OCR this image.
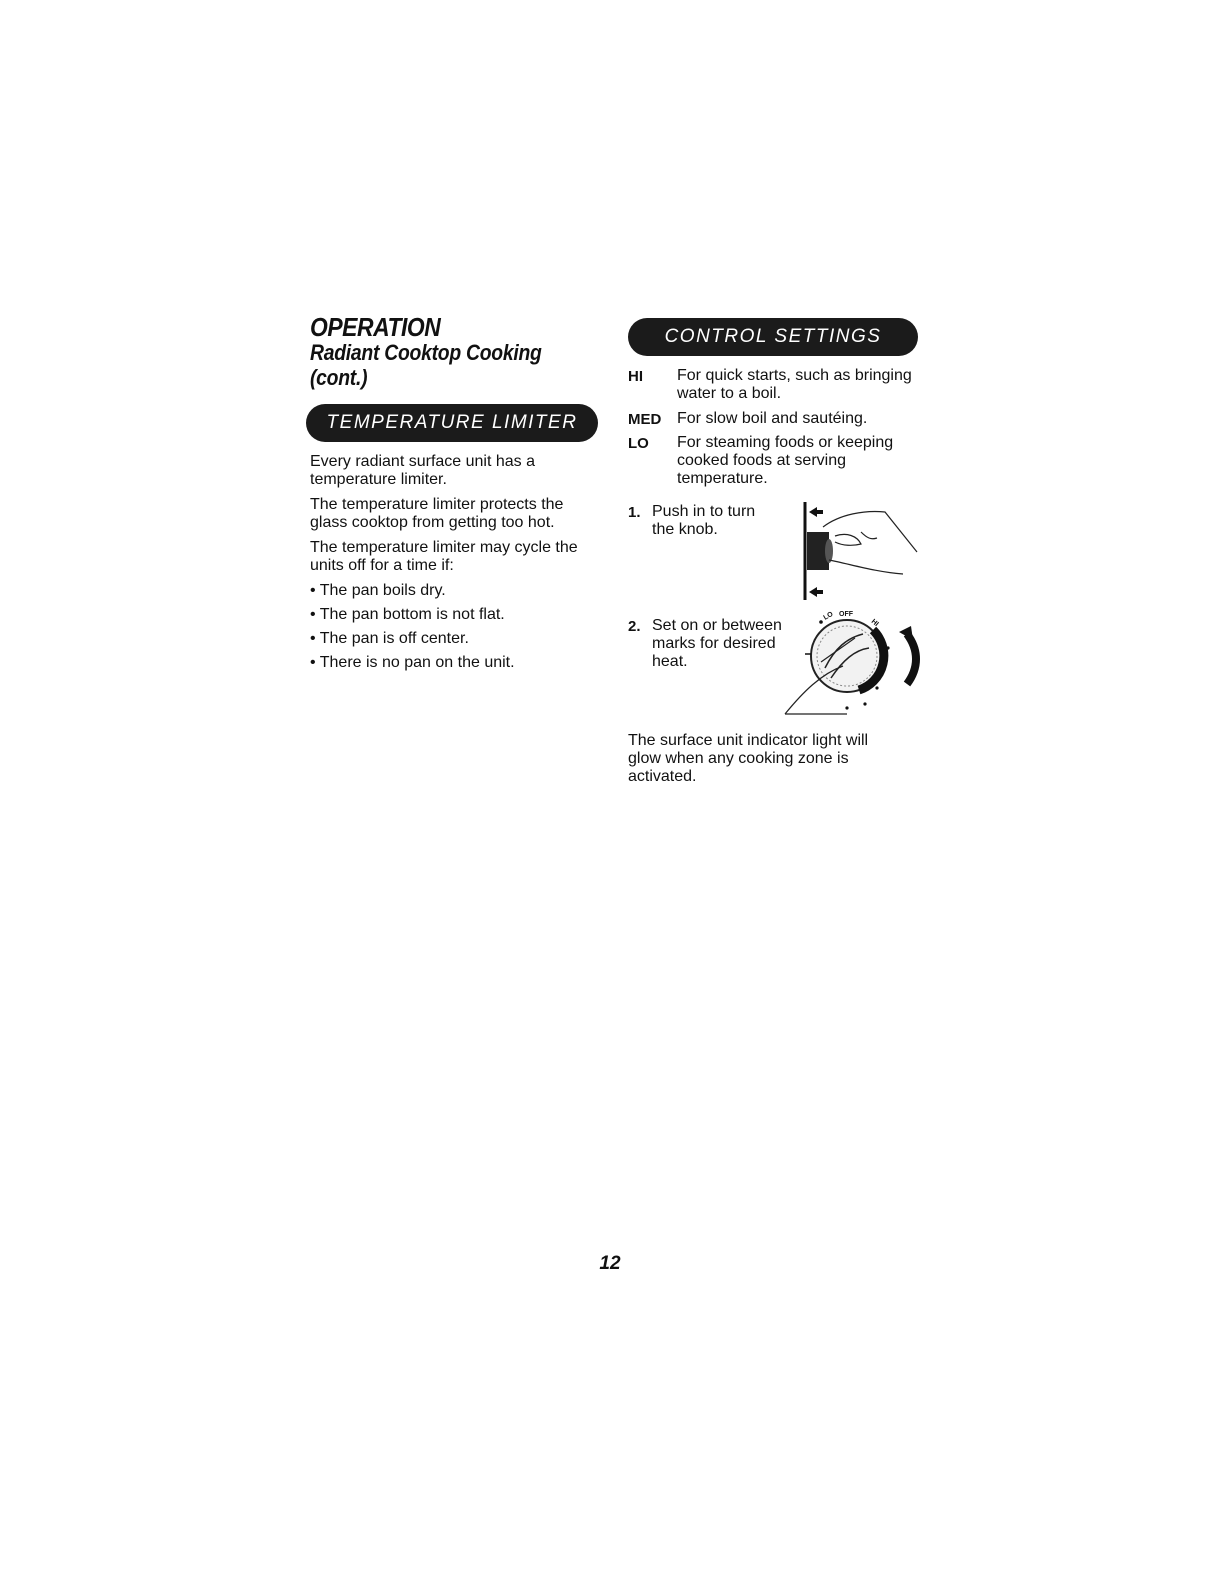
OPERATION
Radiant Cooktop Cooking (cont.)
TEMPERATURE LIMITER

Every radiant surface unit has a temperature limiter.

The temperature limiter protects the glass cooktop from getting too hot.

The temperature limiter may cycle the units off for a time if:

• The pan boils dry.

• The pan bottom is not flat.

• The pan is off center.

• There is no pan on the unit.

CONTROL SETTINGS
HI For quick starts, such as bringing water to a boil.
MED For slow boil and sautéing.
LO For steaming foods or keeping cooked foods at serving temperature.
1. Push in to turn the knob.
2. Set on or between marks for desired heat.
LO OFF
HI

The surface unit indicator light will glow when any cooking zone is activated.

12
